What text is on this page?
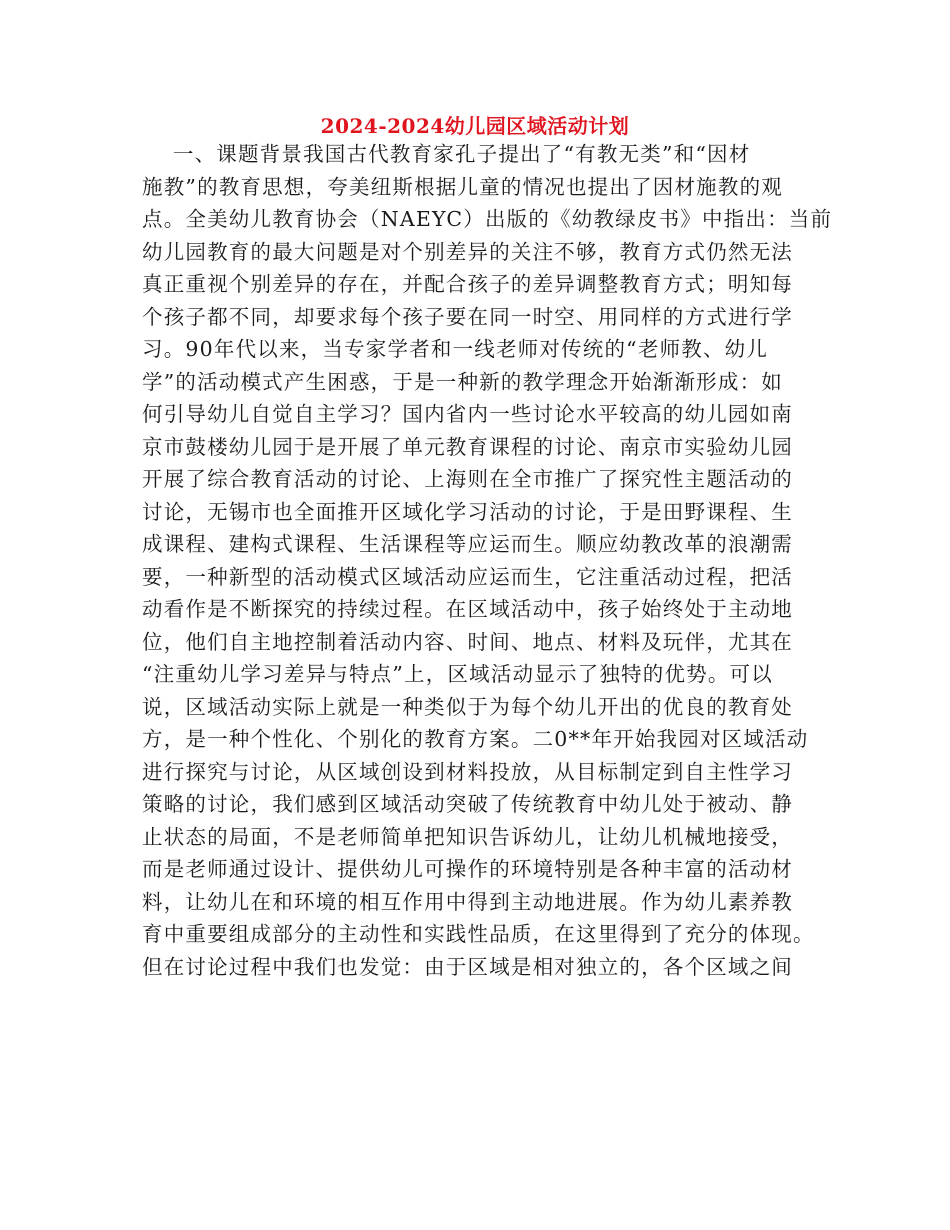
2024-2024幼儿园区域活动计划
一、课题背景我国古代教育家孔子提出了“有教无类”和“因材
施教”的教育思想，夸美纽斯根据儿童的情况也提出了因材施教的观
点。全美幼儿教育协会（NAEYC）出版的《幼教绿皮书》中指出：当前
幼儿园教育的最大问题是对个别差异的关注不够，教育方式仍然无法
真正重视个别差异的存在，并配合孩子的差异调整教育方式；明知每
个孩子都不同，却要求每个孩子要在同一时空、用同样的方式进行学
习。90年代以来，当专家学者和一线老师对传统的“老师教、幼儿
学”的活动模式产生困惑，于是一种新的教学理念开始渐渐形成：如
何引导幼儿自觉自主学习？国内省内一些讨论水平较高的幼儿园如南
京市鼓楼幼儿园于是开展了单元教育课程的讨论、南京市实验幼儿园
开展了综合教育活动的讨论、上海则在全市推广了探究性主题活动的
讨论，无锡市也全面推开区域化学习活动的讨论，于是田野课程、生
成课程、建构式课程、生活课程等应运而生。顺应幼教改革的浪潮需
要，一种新型的活动模式区域活动应运而生，它注重活动过程，把活
动看作是不断探究的持续过程。在区域活动中，孩子始终处于主动地
位，他们自主地控制着活动内容、时间、地点、材料及玩伴，尤其在
“注重幼儿学习差异与特点”上，区域活动显示了独特的优势。可以
说，区域活动实际上就是一种类似于为每个幼儿开出的优良的教育处
方，是一种个性化、个别化的教育方案。二0**年开始我园对区域活动
进行探究与讨论，从区域创设到材料投放，从目标制定到自主性学习
策略的讨论，我们感到区域活动突破了传统教育中幼儿处于被动、静
止状态的局面，不是老师简单把知识告诉幼儿，让幼儿机械地接受，
而是老师通过设计、提供幼儿可操作的环境特别是各种丰富的活动材
料，让幼儿在和环境的相互作用中得到主动地进展。作为幼儿素养教
育中重要组成部分的主动性和实践性品质，在这里得到了充分的体现。
但在讨论过程中我们也发觉：由于区域是相对独立的，各个区域之间
